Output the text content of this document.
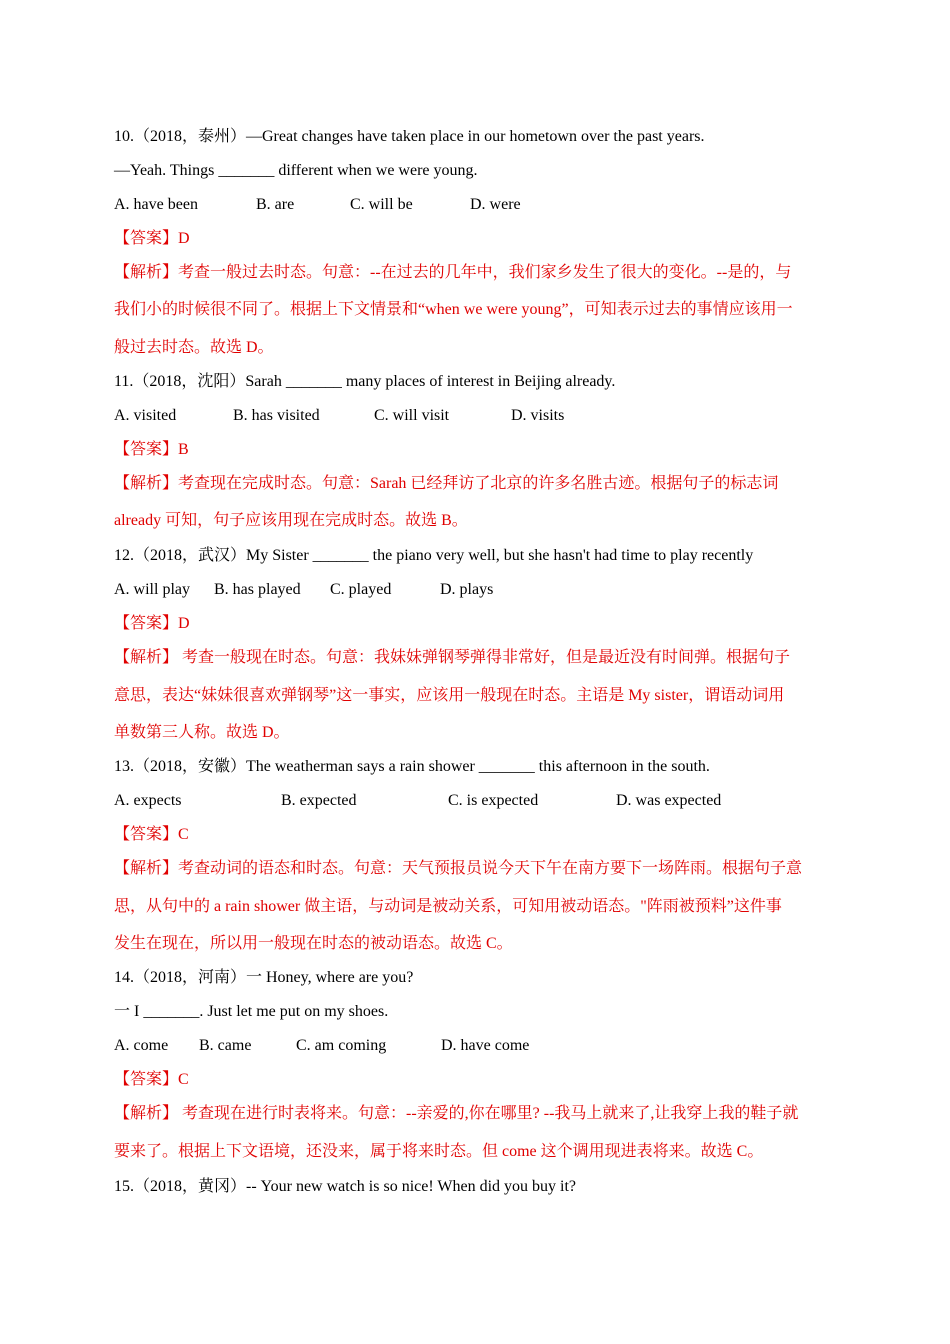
10.（2018，泰州）—Great changes have taken place in our hometown over the past years.
—Yeah. Things _______ different when we were young.
A. have been	B. are	C. will be	D. were
【答案】D
【解析】考查一般过去时态。句意：--在过去的几年中，我们家乡发生了很大的变化。--是的，与
我们小的时候很不同了。根据上下文情景和“when we were young”，可知表示过去的事情应该用一
般过去时态。故选 D。
11.（2018，沈阳）Sarah _______ many places of interest in Beijing already.
A. visited	B. has visited	C. will visit	D. visits
【答案】B
【解析】考查现在完成时态。句意：Sarah 已经拜访了北京的许多名胜古迹。根据句子的标志词
already 可知，句子应该用现在完成时态。故选 B。
12.（2018，武汉）My Sister _______ the piano very well, but she hasn't had time to play recently
A. will play B. has played C. played	D. plays
【答案】D
【解析】 考查一般现在时态。句意：我妹妹弹钢琴弹得非常好，但是最近没有时间弹。根据句子
意思，表达“妹妹很喜欢弹钢琴”这一事实，应该用一般现在时态。主语是 My sister，谓语动词用
单数第三人称。故选 D。
13.（2018，安徽）The weatherman says a rain shower _______ this afternoon in the south.
A. expects	B. expected	C. is expected	D. was expected
【答案】C
【解析】考查动词的语态和时态。句意：天气预报员说今天下午在南方要下一场阵雨。根据句子意
思，从句中的 a rain shower 做主语，与动词是被动关系，可知用被动语态。"阵雨被预料”这件事
发生在现在，所以用一般现在时态的被动语态。故选 C。
14.（2018，河南）一 Honey, where are you?
一 I _______. Just let me put on my shoes.
A. come B. came	C. am coming	D. have come
【答案】C
【解析】 考查现在进行时表将来。句意：--亲爱的,你在哪里? --我马上就来了,让我穿上我的鞋子就
要来了。根据上下文语境，还没来，属于将来时态。但 come 这个调用现进表将来。故选 C。
15.（2018，黄冈）-- Your new watch is so nice! When did you buy it?
